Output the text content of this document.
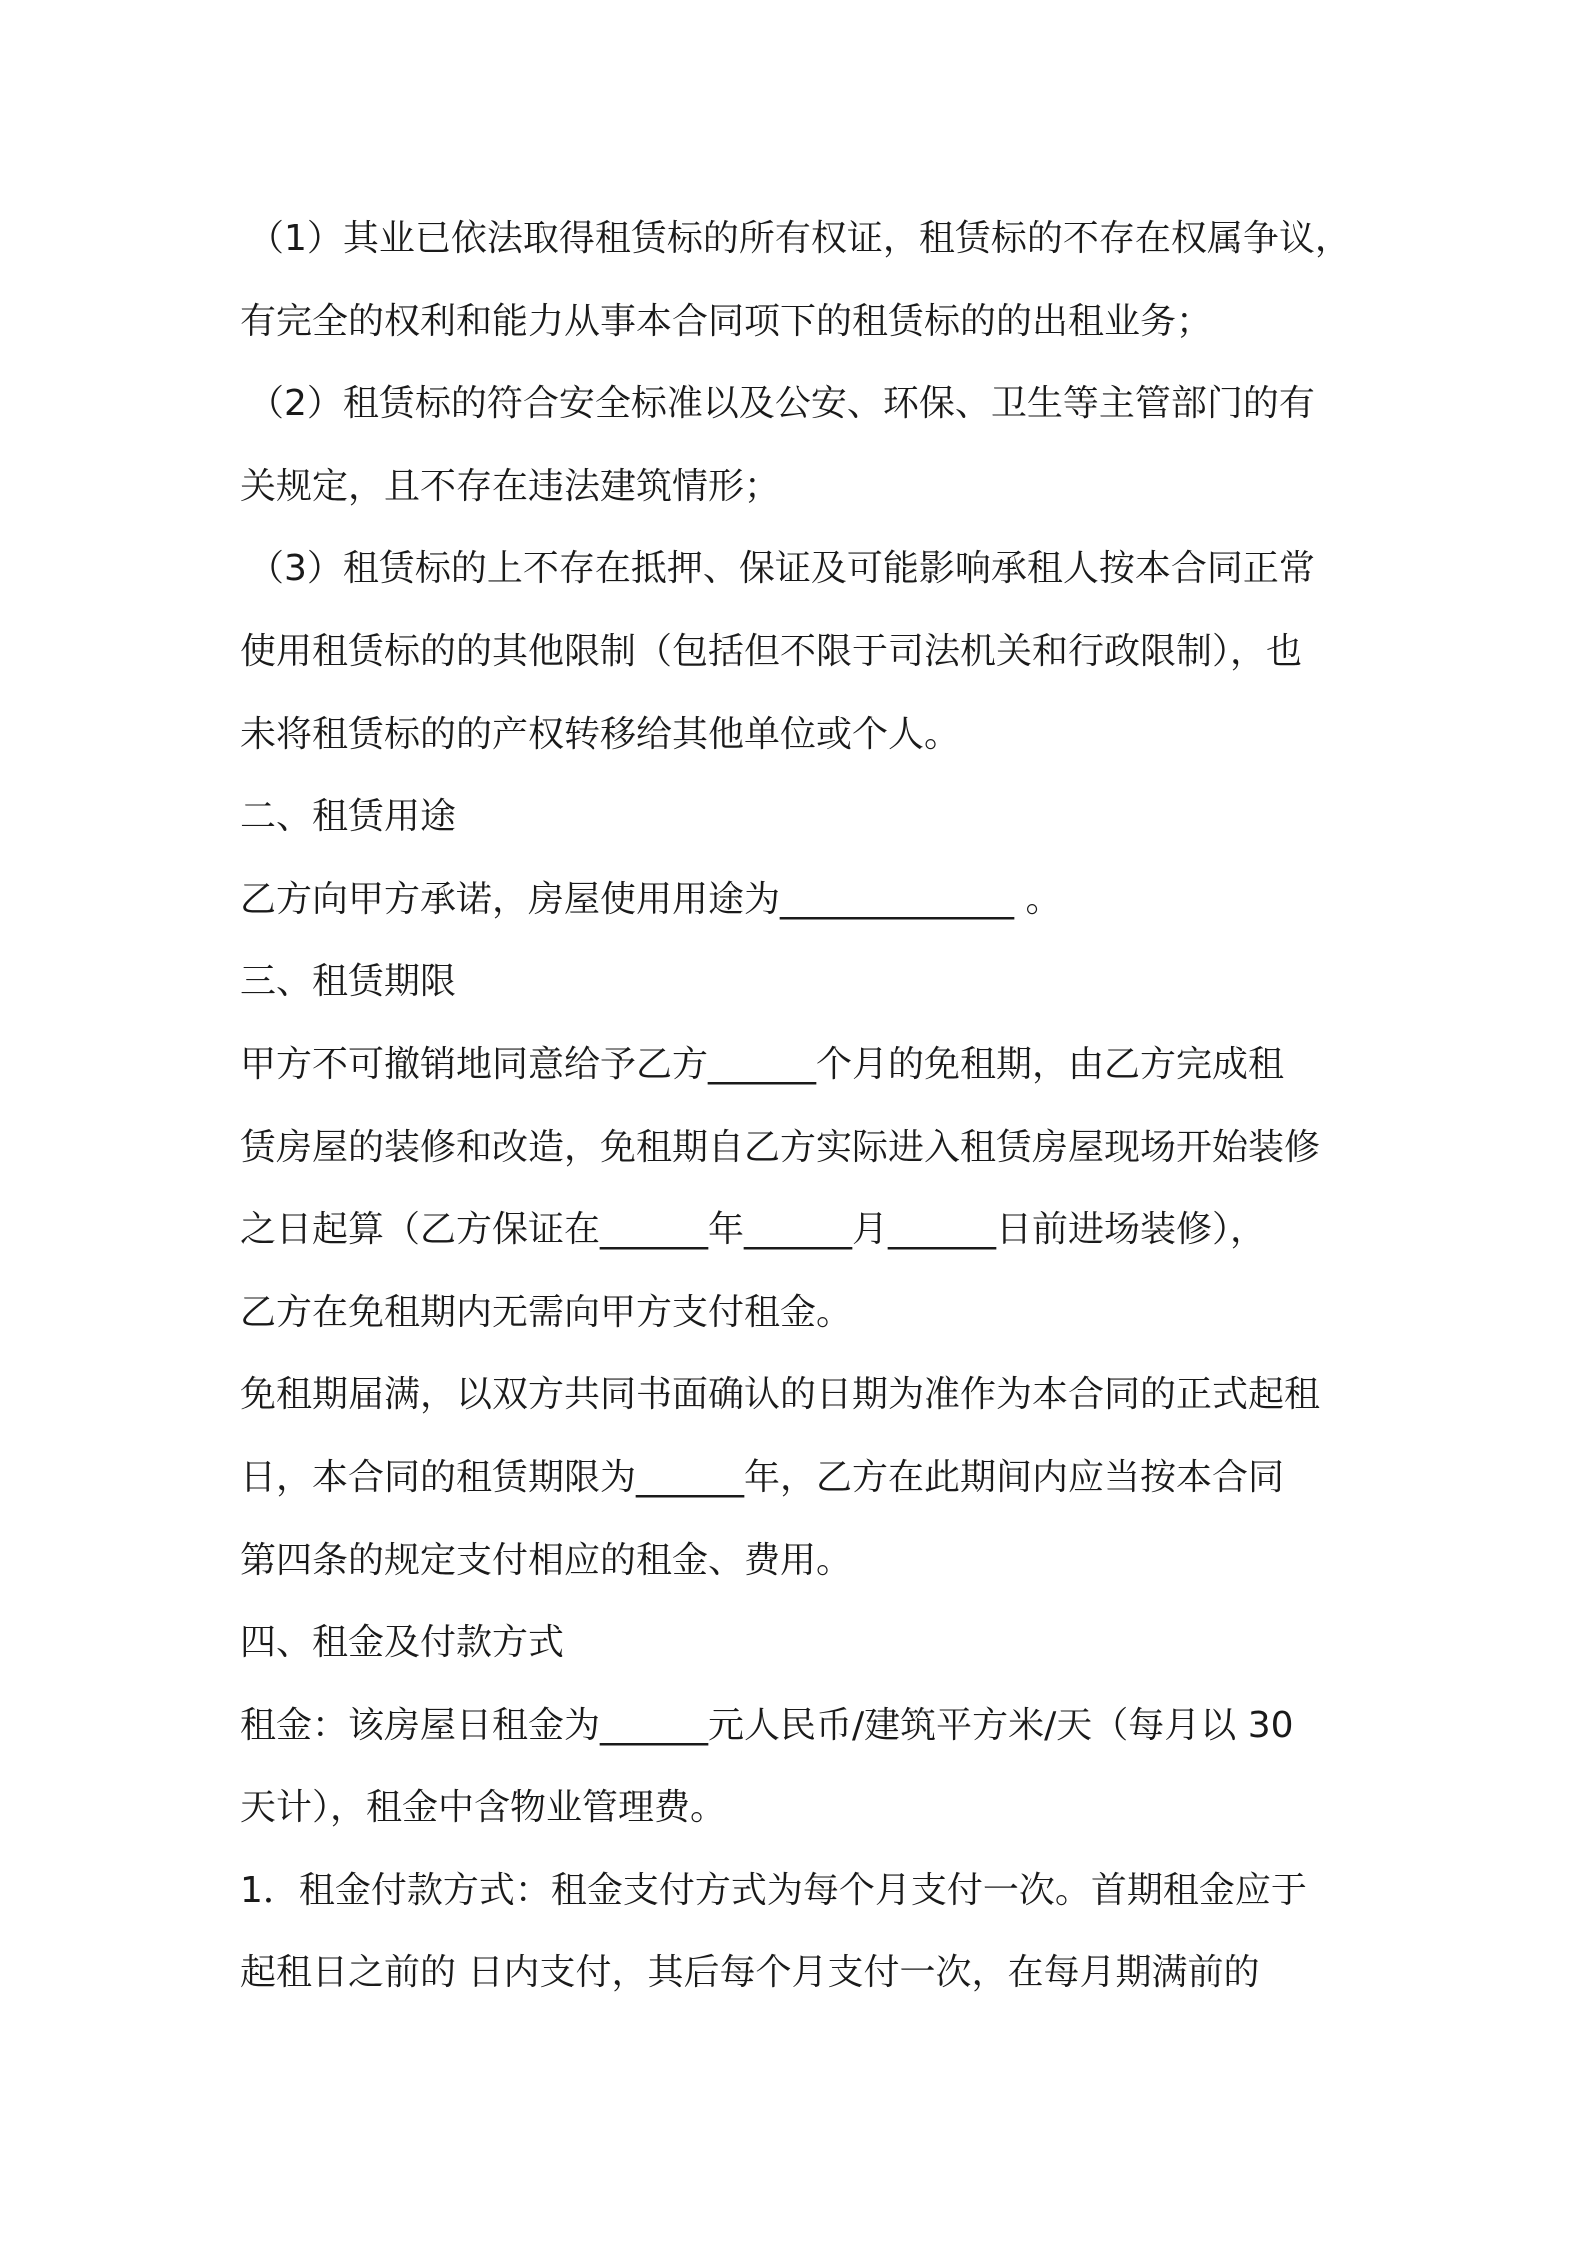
（1）其业已依法取得租赁标的所有权证，租赁标的不存在权属争议，
有完全的权利和能力从事本合同项下的租赁标的的出租业务；
（2）租赁标的符合安全标准以及公安、环保、卫生等主管部门的有
关规定，且不存在违法建筑情形；
（3）租赁标的上不存在抵押、保证及可能影响承租人按本合同正常
使用租赁标的的其他限制（包括但不限于司法机关和行政限制），也
未将租赁标的的产权转移给其他单位或个人。
二、租赁用途
乙方向甲方承诺，房屋使用用途为_____________ 。
三、租赁期限
甲方不可撤销地同意给予乙方______个月的免租期，由乙方完成租
赁房屋的装修和改造，免租期自乙方实际进入租赁房屋现场开始装修
之日起算（乙方保证在______年______月______日前进场装修），
乙方在免租期内无需向甲方支付租金。
免租期届满，以双方共同书面确认的日期为准作为本合同的正式起租
日，本合同的租赁期限为______年，乙方在此期间内应当按本合同
第四条的规定支付相应的租金、费用。
四、租金及付款方式
租金：该房屋日租金为______元人民币/建筑平方米/天（每月以 30
天计），租金中含物业管理费。
1．租金付款方式：租金支付方式为每个月支付一次。首期租金应于
起租日之前的 日内支付，其后每个月支付一次，在每月期满前的
